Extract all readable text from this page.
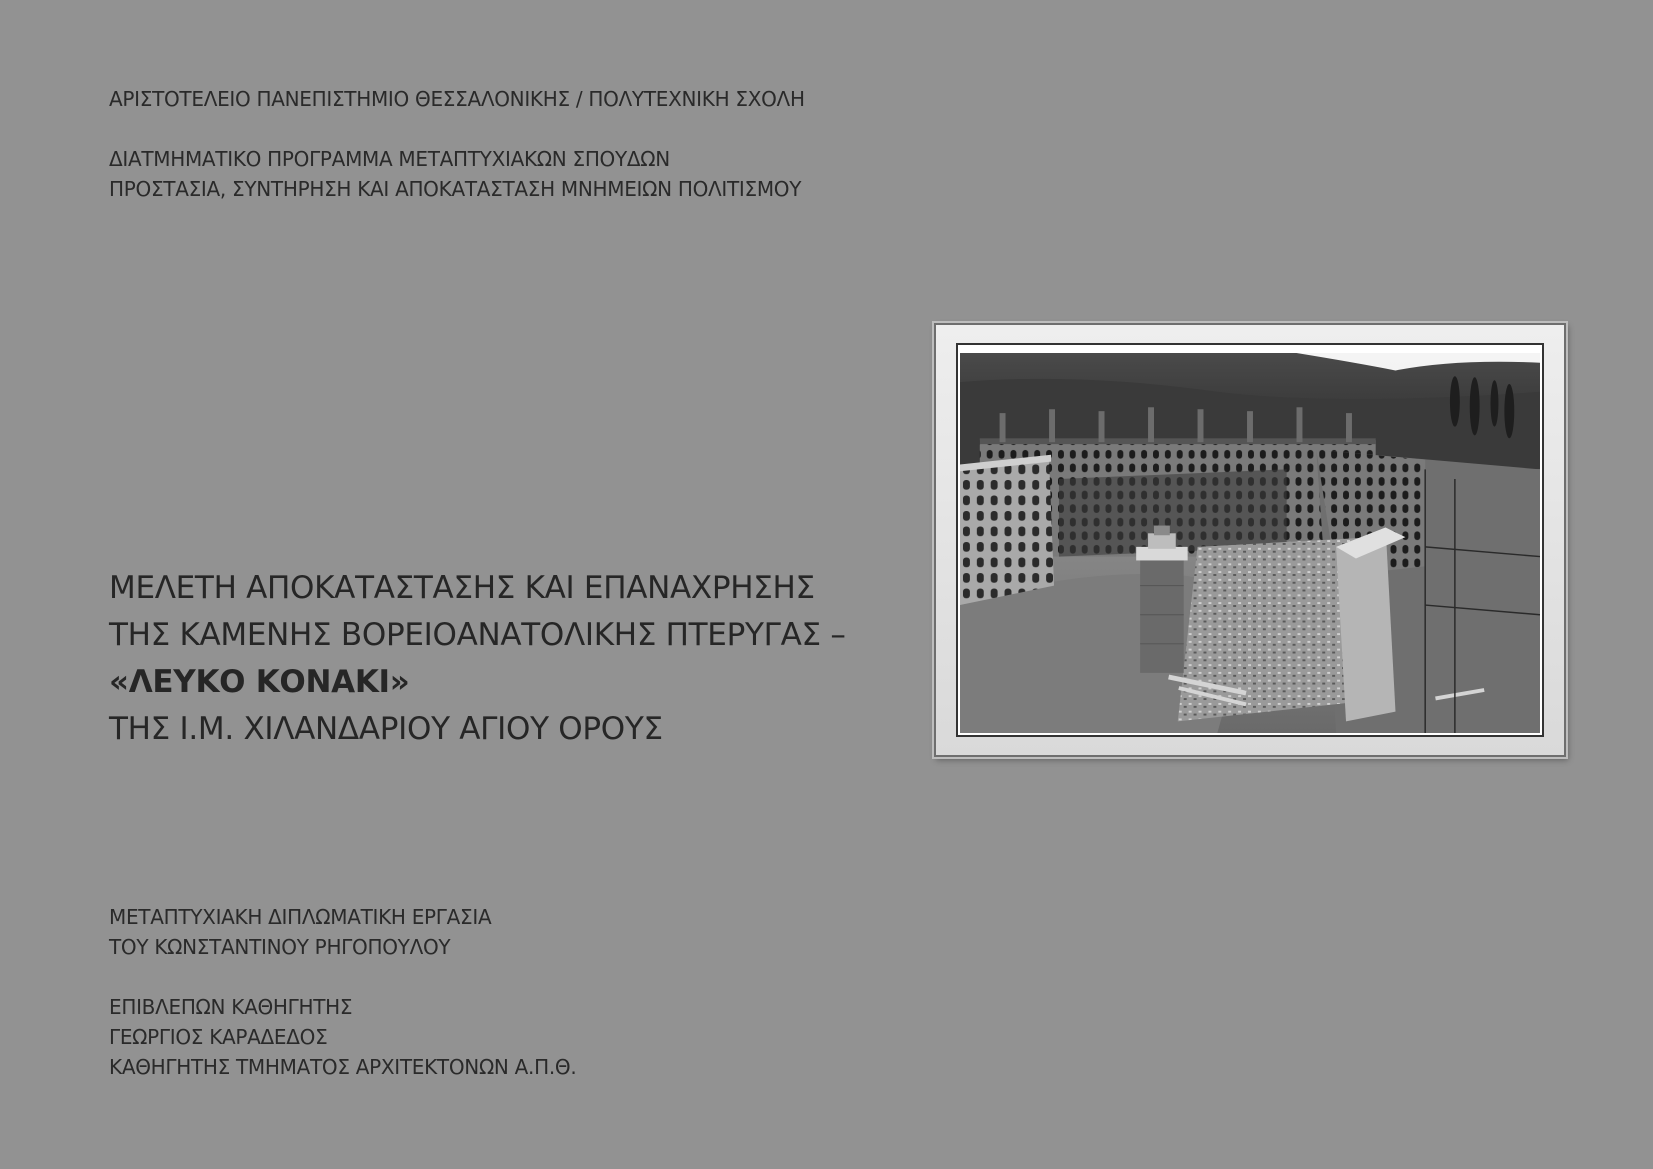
ΑΡΙΣΤΟΤΕΛΕΙΟ ΠΑΝΕΠΙΣΤΗΜΙΟ ΘΕΣΣΑΛΟΝΙΚΗΣ / ΠΟΛΥΤΕΧΝΙΚΗ ΣΧΟΛΗ
ΔΙΑΤΜΗΜΑΤΙΚΟ ΠΡΟΓΡΑΜΜΑ ΜΕΤΑΠΤΥΧΙΑΚΩΝ ΣΠΟΥΔΩΝ
ΠΡΟΣΤΑΣΙΑ, ΣΥΝΤΗΡΗΣΗ ΚΑΙ ΑΠΟΚΑΤΑΣΤΑΣΗ ΜΝΗΜΕΙΩΝ ΠΟΛΙΤΙΣΜΟΥ
ΜΕΛΕΤΗ ΑΠΟΚΑΤΑΣΤΑΣΗΣ ΚΑΙ ΕΠΑΝΑΧΡΗΣΗΣ
ΤΗΣ ΚΑΜΕΝΗΣ ΒΟΡΕΙΟΑΝΑΤΟΛΙΚΗΣ ΠΤΕΡΥΓΑΣ –
«ΛΕΥΚΟ ΚΟΝΑΚΙ»
ΤΗΣ Ι.Μ. ΧΙΛΑΝΔΑΡΙΟΥ ΑΓΙΟΥ ΟΡΟΥΣ
ΜΕΤΑΠΤΥΧΙΑΚΗ ΔΙΠΛΩΜΑΤΙΚΗ ΕΡΓΑΣΙΑ
ΤΟΥ ΚΩΝΣΤΑΝΤΙΝΟΥ ΡΗΓΟΠΟΥΛΟΥ
ΕΠΙΒΛΕΠΩΝ ΚΑΘΗΓΗΤΗΣ
ΓΕΩΡΓΙΟΣ ΚΑΡΑΔΕΔΟΣ
ΚΑΘΗΓΗΤΗΣ ΤΜΗΜΑΤΟΣ ΑΡΧΙΤΕΚΤΟΝΩΝ Α.Π.Θ.
